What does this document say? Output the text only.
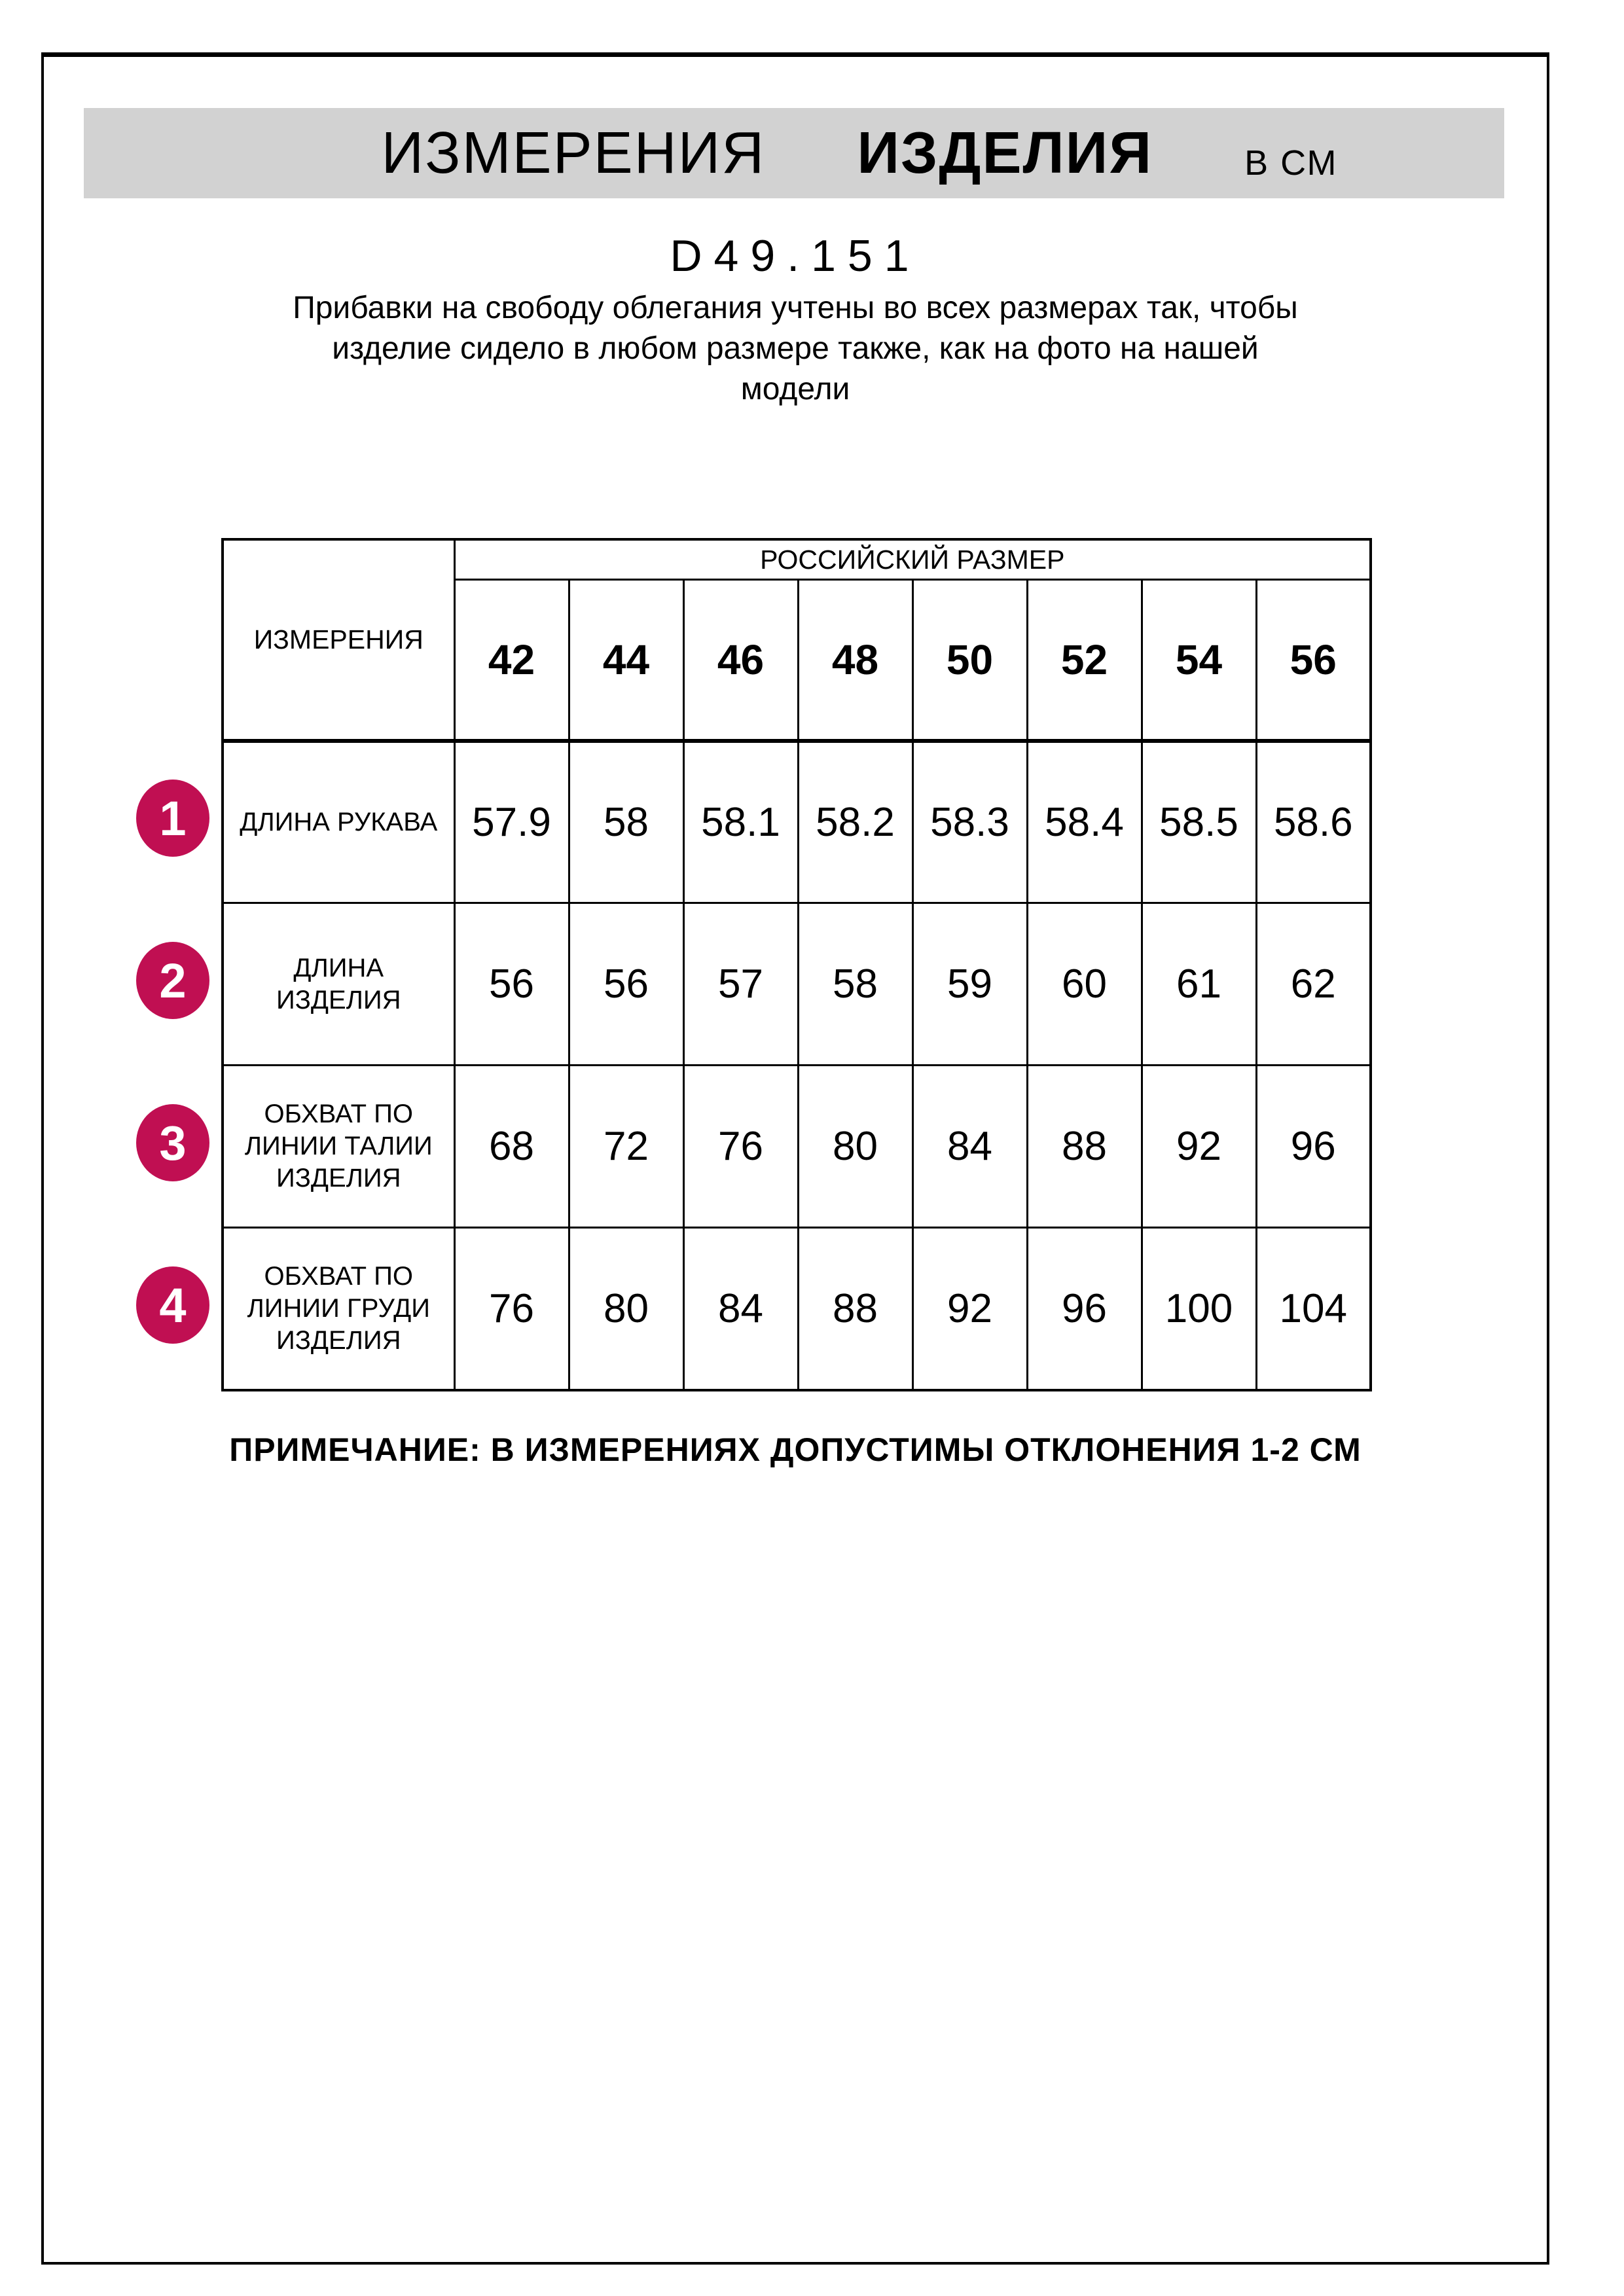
ИЗМЕРЕНИЯ ИЗДЕЛИЯ	В СМ
D49.151
Прибавки на свободу облегания учтены во всех размерах так, чтобы
изделие сидело в любом размере также, как на фото на нашей
модели
ИЗМЕРЕНИЯ	РОССИЙСКИЙ РАЗМЕР							
	42	44	46	48	50	52	54	56

ДЛИНА РУКАВА	57.9	58	58.1	58.2	58.3	58.4	58.5	58.6

ДЛИНА
ИЗДЕЛИЯ	56	56	57	58	59	60	61	62

ОБХВАТ ПО
ЛИНИИ ТАЛИИ
ИЗДЕЛИЯ	68	72	76	80	84	88	92	96

ОБХВАТ ПО
ЛИНИИ ГРУДИ
ИЗДЕЛИЯ	76	80	84	88	92	96	100	104
1
2
3
4
ПРИМЕЧАНИЕ: В ИЗМЕРЕНИЯХ ДОПУСТИМЫ ОТКЛОНЕНИЯ 1-2 СМ
